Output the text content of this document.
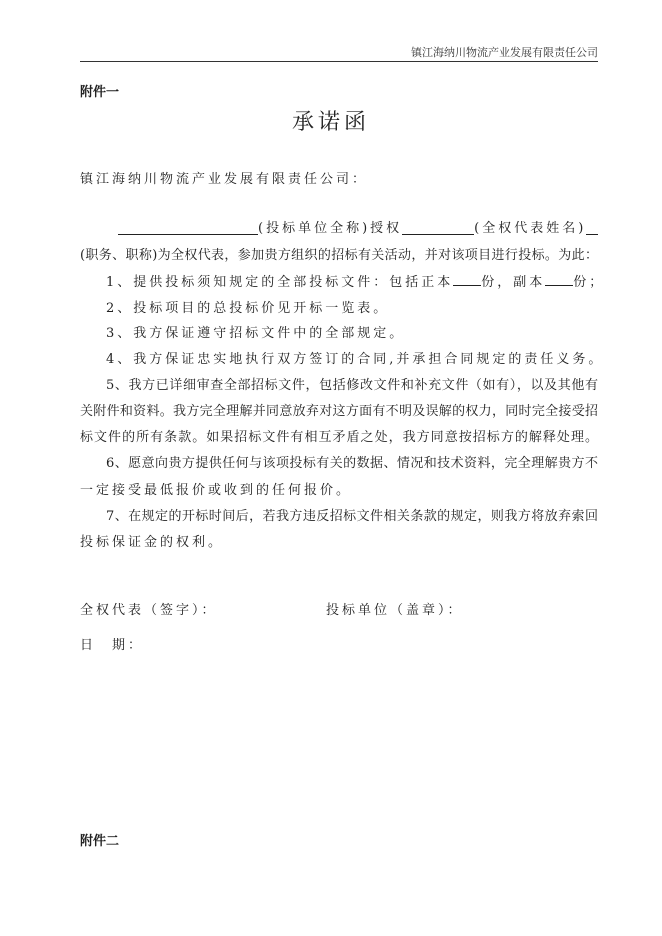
镇江海纳川物流产业发展有限责任公司
附件一
承诺函
镇江海纳川物流产业发展有限责任公司：
(投标单位全称)授权	(全权代表姓名)
(职务、职称)为全权代表，参加贵方组织的招标有关活动，并对该项目进行投标。为此：
1、提供投标须知规定的全部投标文件：包括正本 份，副本 份；
2、投标项目的总投标价见开标一览表。
3、我方保证遵守招标文件中的全部规定。
4、我方保证忠实地执行双方签订的合同,并承担合同规定的责任义务。
5、我方已详细审查全部招标文件，包括修改文件和补充文件（如有），以及其他有
关附件和资料。我方完全理解并同意放弃对这方面有不明及误解的权力，同时完全接受招
标文件的所有条款。如果招标文件有相互矛盾之处，我方同意按招标方的解释处理。
6、愿意向贵方提供任何与该项投标有关的数据、情况和技术资料，完全理解贵方不
一定接受最低报价或收到的任何报价。
7、在规定的开标时间后，若我方违反招标文件相关条款的规定，则我方将放弃索回
投标保证金的权利。
全权代表（签字）：	投标单位（盖章）：
日　期：
附件二
